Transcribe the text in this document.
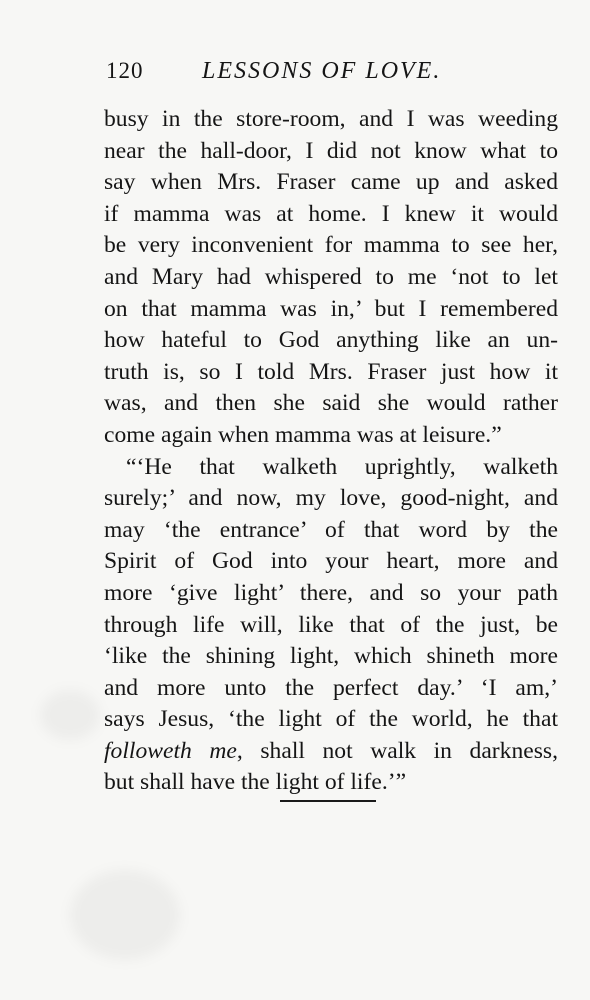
120 LESSONS OF LOVE.
busy in the store-room, and I was weeding
near the hall-door, I did not know what to
say when Mrs. Fraser came up and asked
if mamma was at home. I knew it would
be very inconvenient for mamma to see her,
and Mary had whispered to me ‘not to let
on that mamma was in,’ but I remembered
how hateful to God anything like an un-
truth is, so I told Mrs. Fraser just how it
was, and then she said she would rather
come again when mamma was at leisure.”
“‘He that walketh uprightly, walketh
surely;’ and now, my love, good-night, and
may ‘the entrance’ of that word by the
Spirit of God into your heart, more and
more ‘give light’ there, and so your path
through life will, like that of the just, be
‘like the shining light, which shineth more
and more unto the perfect day.’ ‘I am,’
says Jesus, ‘the light of the world, he that
followeth me, shall not walk in darkness,
but shall have the light of life.’”
